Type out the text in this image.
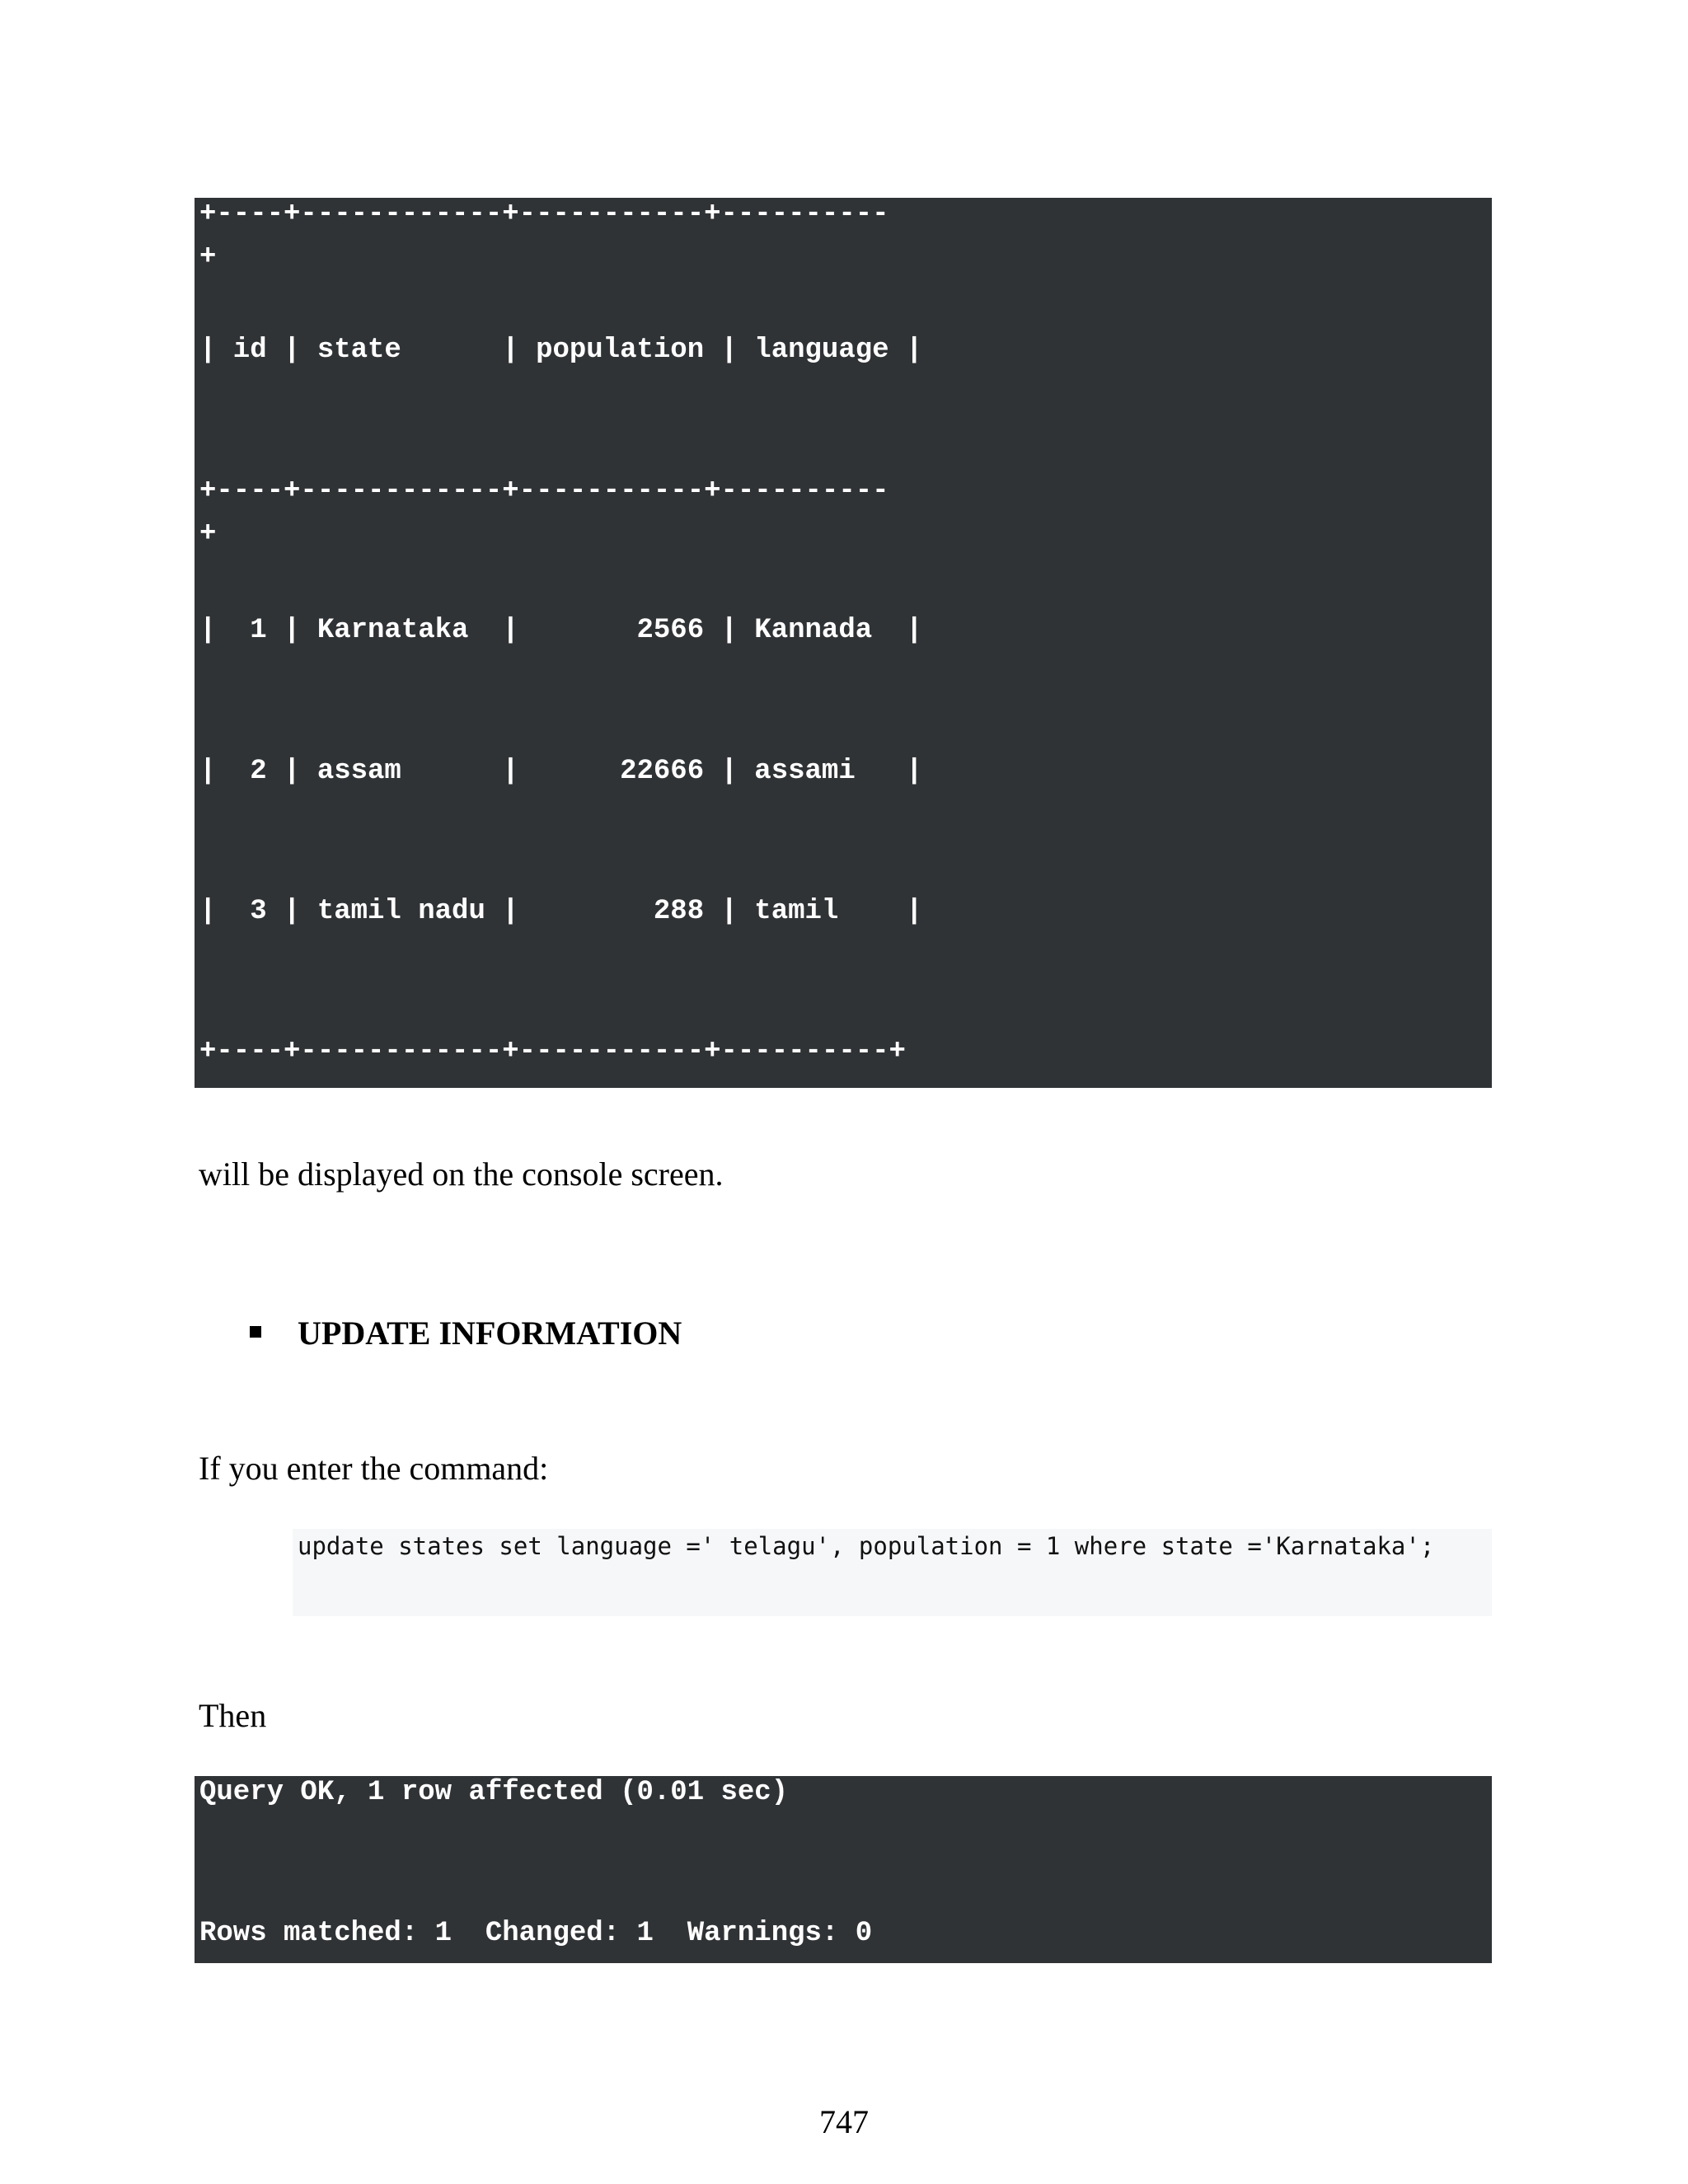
+----+------------+-----------+----------

+

| id | state      | population | language |

+----+------------+-----------+----------

+

|  1 | Karnataka  |       2566 | Kannada  |

|  2 | assam      |      22666 | assami   |

|  3 | tamil nadu |        288 | tamil    |

+----+------------+-----------+----------+

will be displayed on the console screen.
UPDATE INFORMATION
If you enter the command:
update states set language =' telagu', population = 1 where state ='Karnataka';
Then

Query OK, 1 row affected (0.01 sec)

Rows matched: 1  Changed: 1  Warnings: 0

747
